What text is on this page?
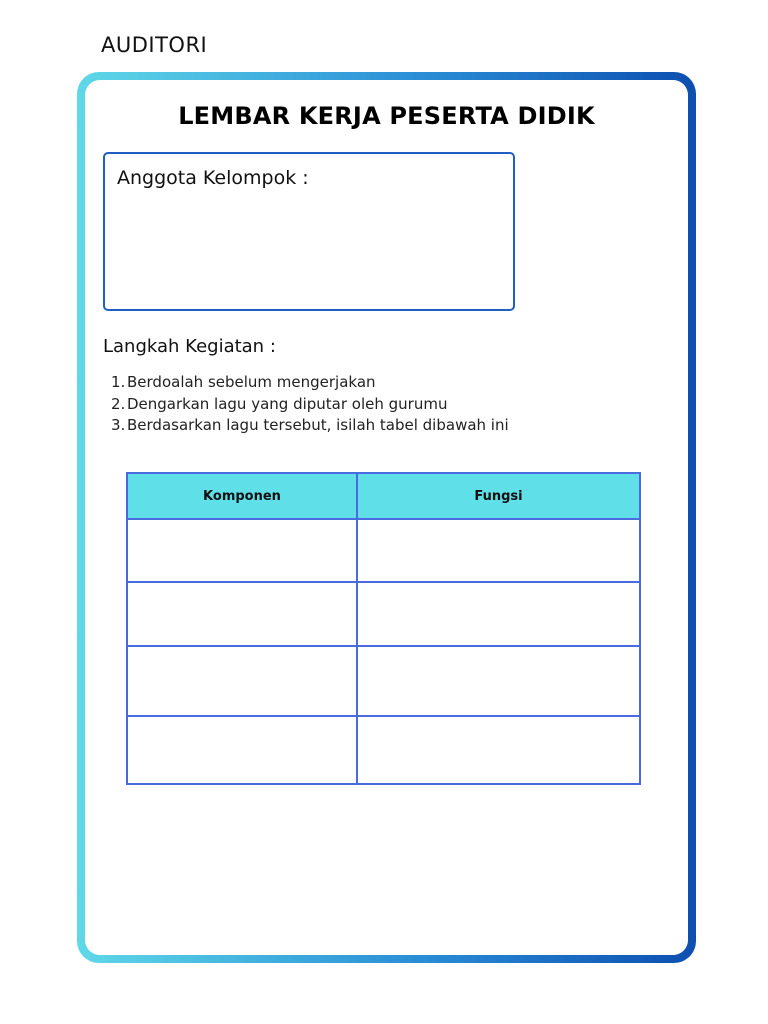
AUDITORI
LEMBAR KERJA PESERTA DIDIK
Anggota Kelompok :
Langkah Kegiatan :
1. Berdoalah sebelum mengerjakan
2. Dengarkan lagu yang diputar oleh gurumu
3. Berdasarkan lagu tersebut, isilah tabel dibawah ini
Komponen	Fungsi
